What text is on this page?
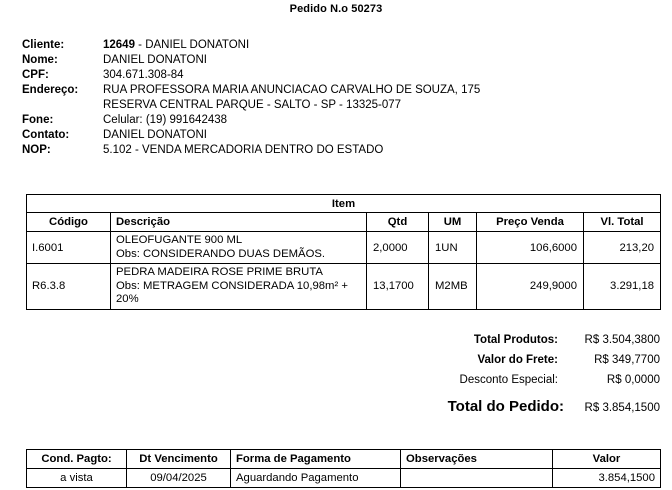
Pedido N.o 50273
Cliente:	12649 - DANIEL DONATONI
Nome:	DANIEL DONATONI
CPF:	304.671.308-84
Endereço:	RUA PROFESSORA MARIA ANUNCIACAO CARVALHO DE SOUZA, 175
RESERVA CENTRAL PARQUE - SALTO - SP - 13325-077
Fone:	Celular: (19) 991642438
Contato:	DANIEL DONATONI
NOP:	5.102 - VENDA MERCADORIA DENTRO DO ESTADO
Item					
Código	Descrição	Qtd	UM	Preço Venda	Vl. Total
I.6001	OLEOFUGANTE 900 ML
Obs: CONSIDERANDO DUAS DEMÃOS.	2,0000	1UN	106,6000	213,20
R6.3.8	PEDRA MADEIRA ROSE PRIME BRUTA
Obs: METRAGEM CONSIDERADA 10,98m² + 20%	13,1700	M2MB	249,9000	3.291,18
Total Produtos:	R$ 3.504,3800
Valor do Frete:	R$ 349,7700
Desconto Especial:	R$ 0,0000
Total do Pedido:	R$ 3.854,1500
Cond. Pagto:	Dt Vencimento	Forma de Pagamento	Observações	Valor
a vista	09/04/2025	Aguardando Pagamento		3.854,1500
